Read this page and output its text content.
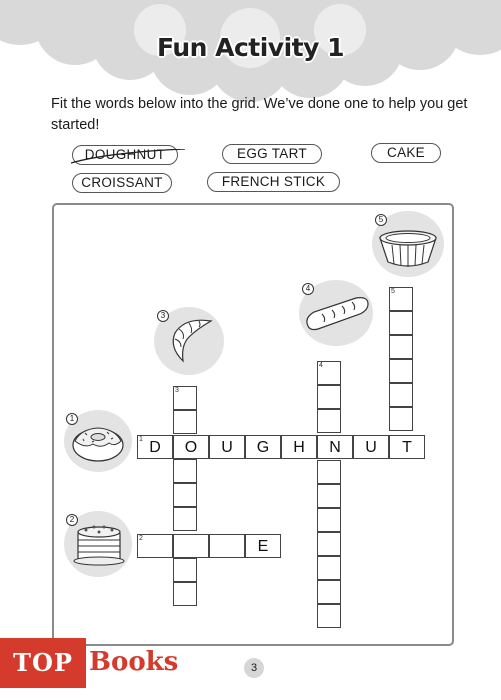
Fun Activity 1
Fit the words below into the grid. We’ve done one to help you get started!
DOUGHNUT	EGG TART	CAKE
CROISSANT	FRENCH STICK
1
2
3
4
5
3
4
5
1 D	O	U	G	H	N	U	T
2	E
TOP Books	3
